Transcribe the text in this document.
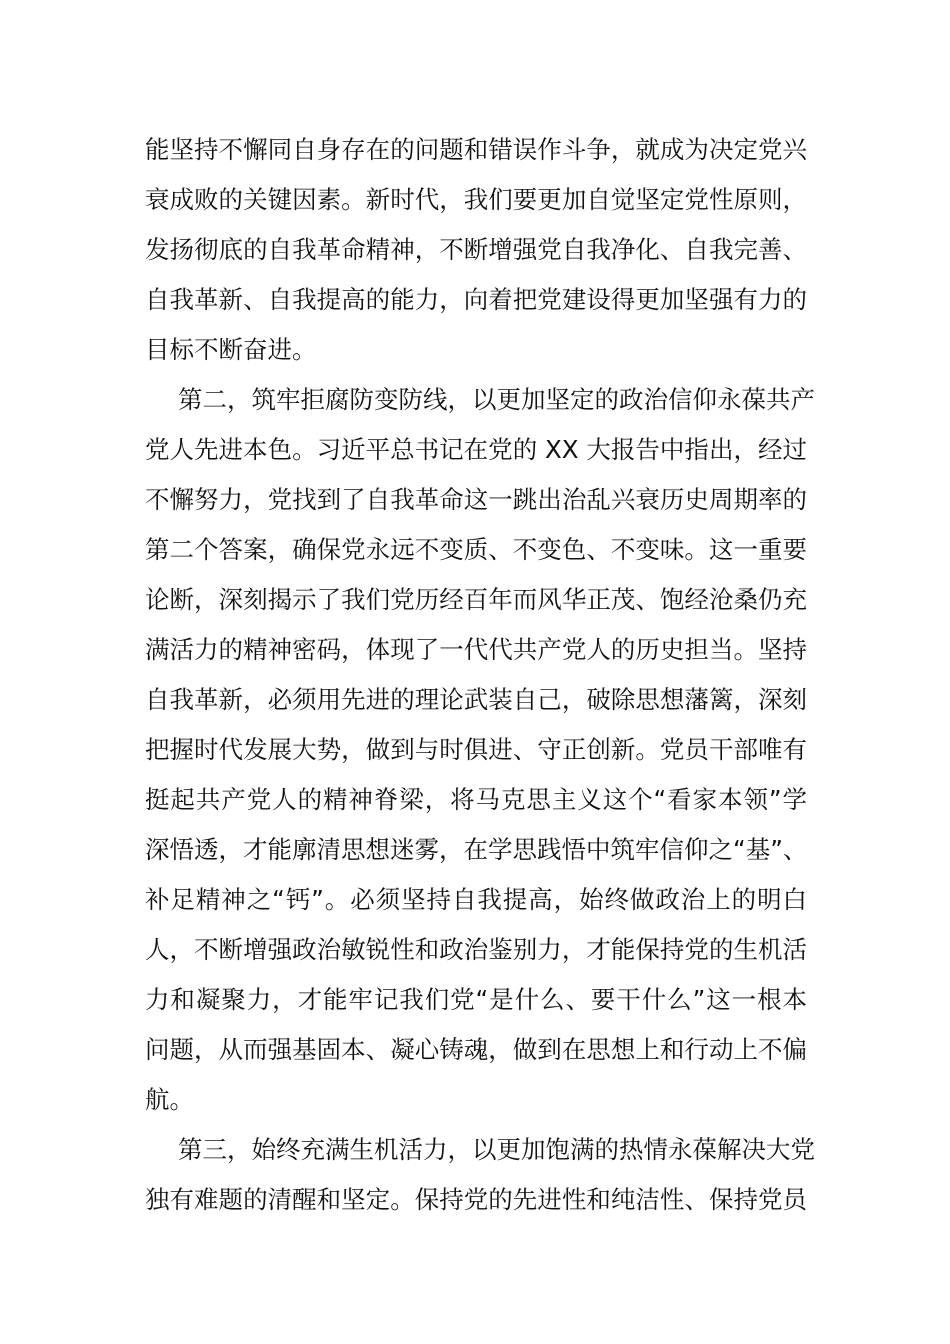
能坚持不懈同自身存在的问题和错误作斗争，就成为决定党兴
衰成败的关键因素。新时代，我们要更加自觉坚定党性原则，
发扬彻底的自我革命精神，不断增强党自我净化、自我完善、
自我革新、自我提高的能力，向着把党建设得更加坚强有力的
目标不断奋进。
第二，筑牢拒腐防变防线，以更加坚定的政治信仰永葆共产
党人先进本色。习近平总书记在党的 XX 大报告中指出，经过
不懈努力，党找到了自我革命这一跳出治乱兴衰历史周期率的
第二个答案，确保党永远不变质、不变色、不变味。这一重要
论断，深刻揭示了我们党历经百年而风华正茂、饱经沧桑仍充
满活力的精神密码，体现了一代代共产党人的历史担当。坚持
自我革新，必须用先进的理论武装自己，破除思想藩篱，深刻
把握时代发展大势，做到与时俱进、守正创新。党员干部唯有
挺起共产党人的精神脊梁，将马克思主义这个“看家本领”学
深悟透，才能廓清思想迷雾，在学思践悟中筑牢信仰之“基”、
补足精神之“钙”。必须坚持自我提高，始终做政治上的明白
人，不断增强政治敏锐性和政治鉴别力，才能保持党的生机活
力和凝聚力，才能牢记我们党“是什么、要干什么”这一根本
问题，从而强基固本、凝心铸魂，做到在思想上和行动上不偏
航。
第三，始终充满生机活力，以更加饱满的热情永葆解决大党
独有难题的清醒和坚定。保持党的先进性和纯洁性、保持党员
